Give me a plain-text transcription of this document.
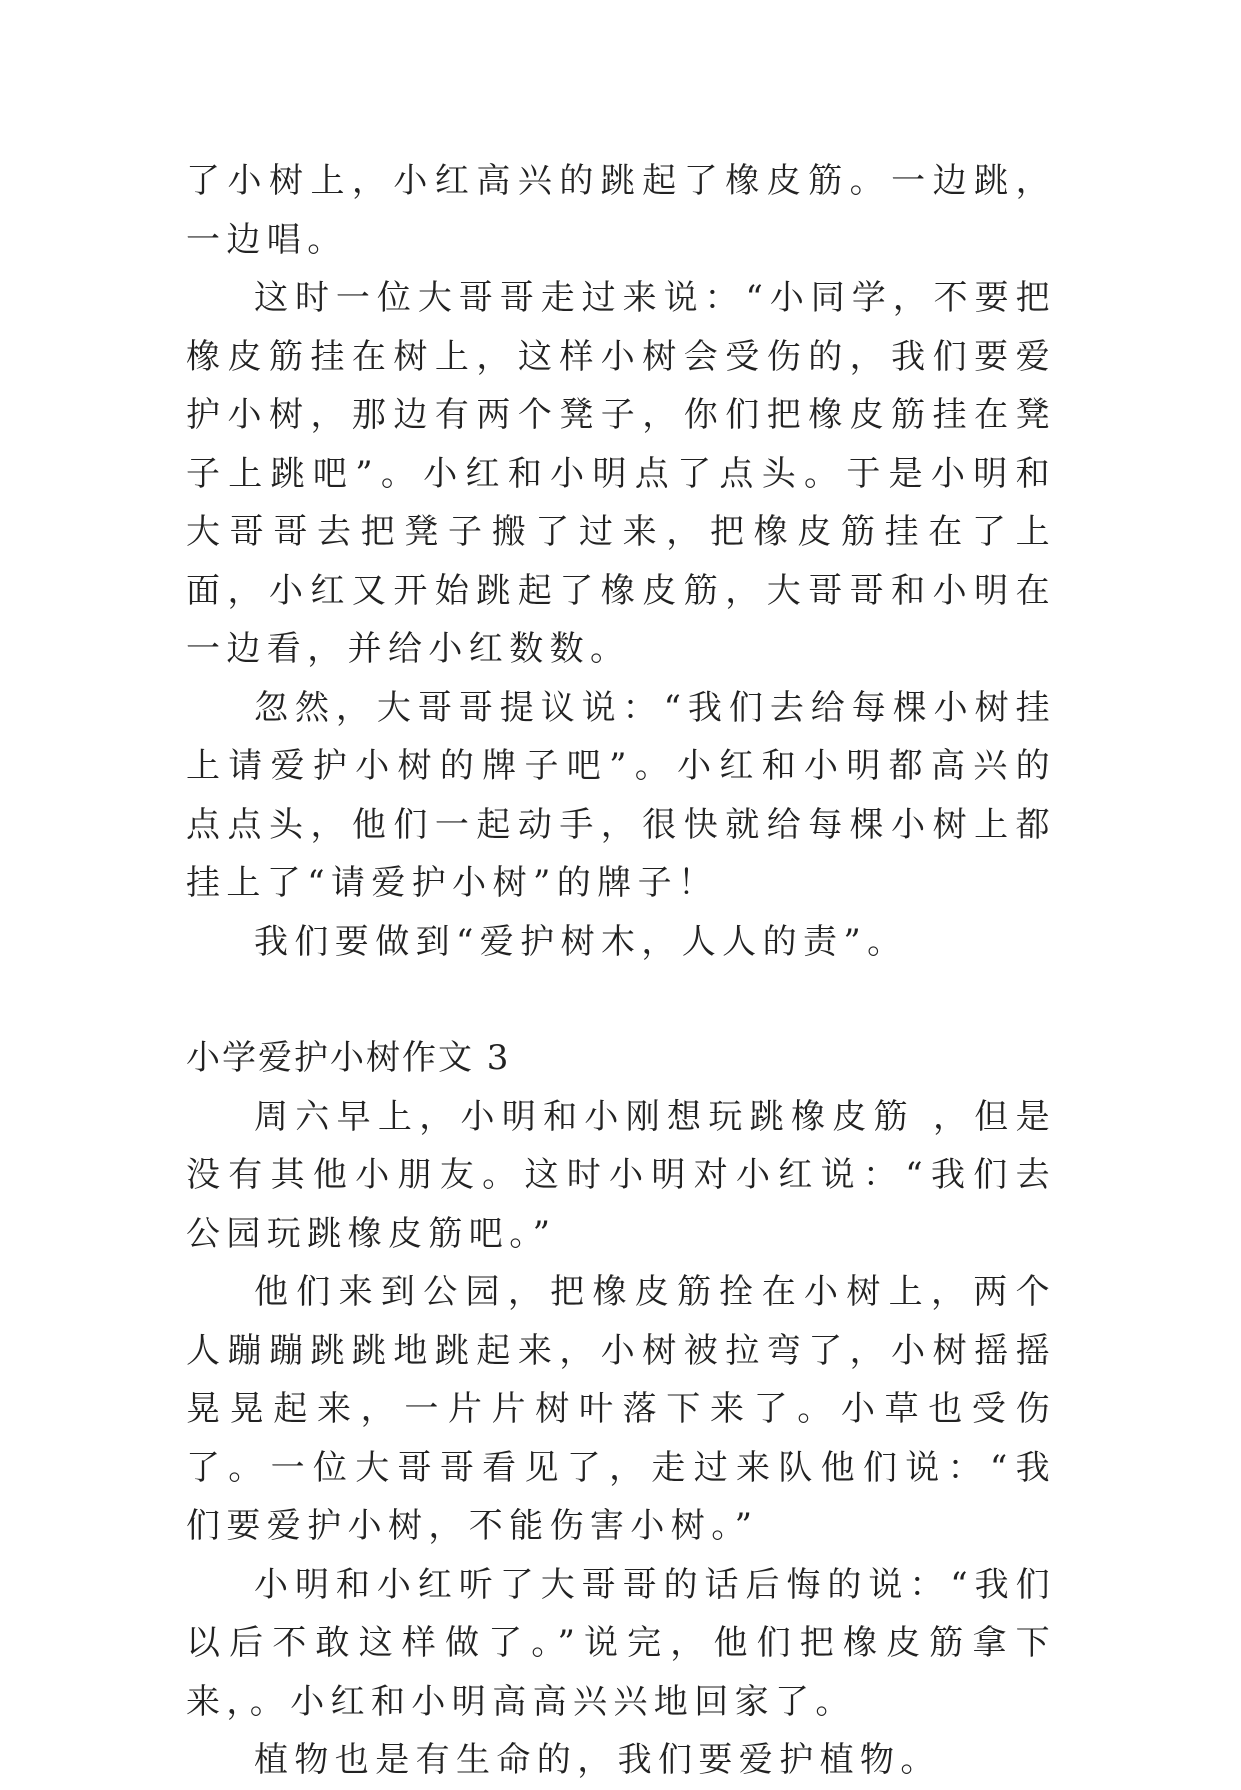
了小树上，小红高兴的跳起了橡皮筋。一边跳，一边唱。

这时一位大哥哥走过来说：“小同学，不要把橡皮筋挂在树上，这样小树会受伤的，我们要爱护小树，那边有两个凳子，你们把橡皮筋挂在凳子上跳吧”。小红和小明点了点头。于是小明和大哥哥去把凳子搬了过来，把橡皮筋挂在了上面，小红又开始跳起了橡皮筋，大哥哥和小明在一边看，并给小红数数。

忽然，大哥哥提议说：“我们去给每棵小树挂上请爱护小树的牌子吧”。小红和小明都高兴的点点头，他们一起动手，很快就给每棵小树上都挂上了“请爱护小树”的牌子！

我们要做到“爱护树木，人人的责”。

小学爱护小树作文 3

周六早上，小明和小刚想玩跳橡皮筋 ，但是没有其他小朋友。这时小明对小红说：“我们去公园玩跳橡皮筋吧。”

他们来到公园，把橡皮筋拴在小树上，两个人蹦蹦跳跳地跳起来，小树被拉弯了，小树摇摇晃晃起来，一片片树叶落下来了。小草也受伤了。一位大哥哥看见了，走过来队他们说：“我们要爱护小树，不能伤害小树。”

小明和小红听了大哥哥的话后悔的说：“我们以后不敢这样做了。”说完，他们把橡皮筋拿下来，。小红和小明高高兴兴地回家了。

植物也是有生命的，我们要爱护植物。
